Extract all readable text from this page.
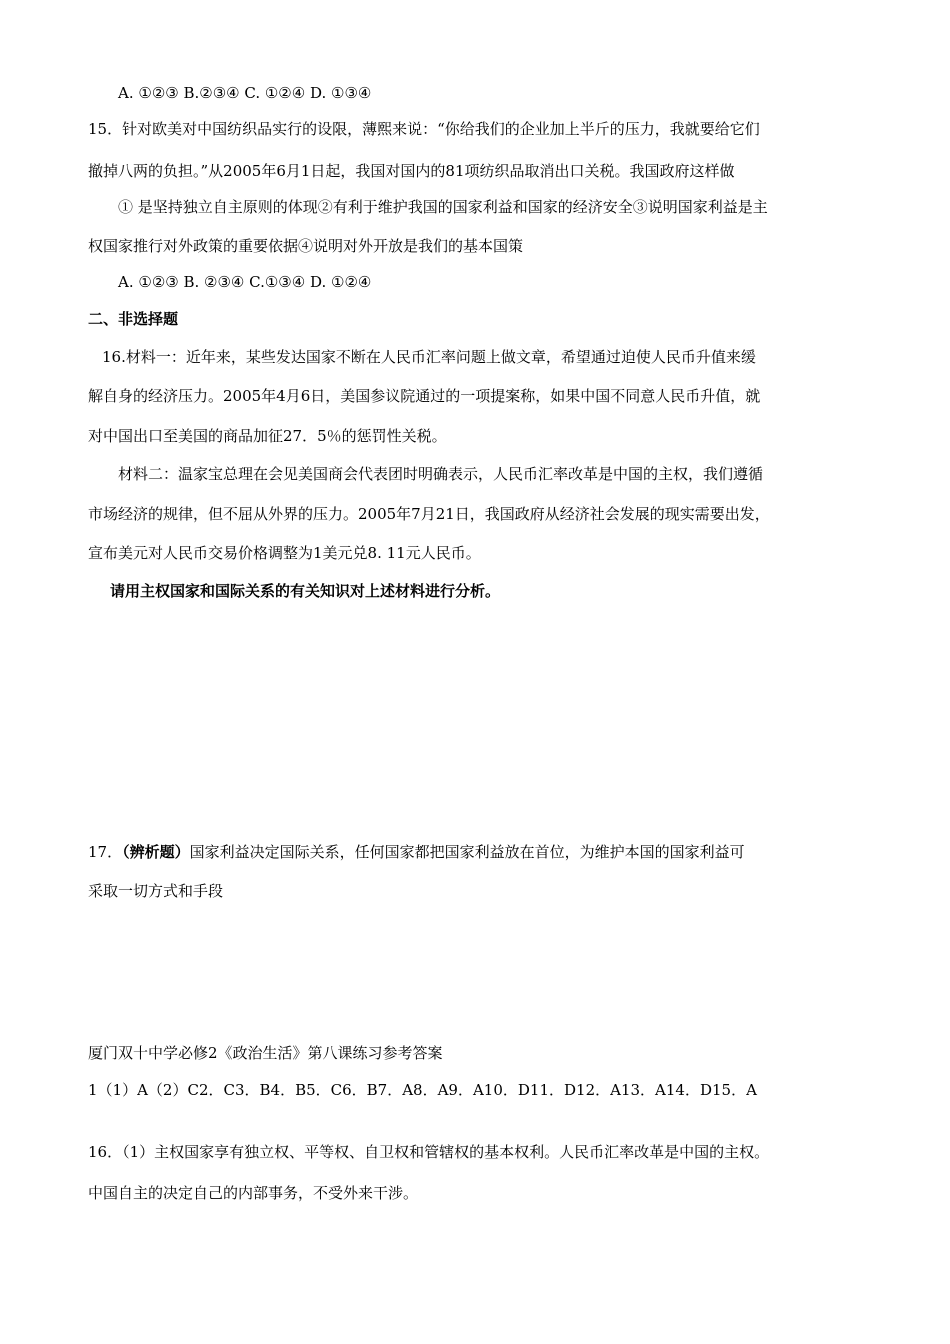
A. ①②③ B.②③④ C. ①②④ D. ①③④
15．针对欧美对中国纺织品实行的设限，薄熙来说：“你给我们的企业加上半斤的压力，我就要给它们
撤掉八两的负担。”从2005年6月1日起，我国对国内的81项纺织品取消出口关税。我国政府这样做
① 是坚持独立自主原则的体现②有利于维护我国的国家利益和国家的经济安全③说明国家利益是主
权国家推行对外政策的重要依据④说明对外开放是我们的基本国策
A. ①②③ B. ②③④ C.①③④ D. ①②④
二、非选择题
16.材料一：近年来，某些发达国家不断在人民币汇率问题上做文章，希望通过迫使人民币升值来缓
解自身的经济压力。2005年4月6日，美国参议院通过的一项提案称，如果中国不同意人民币升值，就
对中国出口至美国的商品加征27．5％的惩罚性关税。
材料二：温家宝总理在会见美国商会代表团时明确表示，人民币汇率改革是中国的主权，我们遵循
市场经济的规律，但不屈从外界的压力。2005年7月21日，我国政府从经济社会发展的现实需要出发，
宣布美元对人民币交易价格调整为1美元兑8. 11元人民币。
请用主权国家和国际关系的有关知识对上述材料进行分析。
17．（辨析题）国家利益决定国际关系，任何国家都把国家利益放在首位，为维护本国的国家利益可
采取一切方式和手段
厦门双十中学必修2《政治生活》第八课练习参考答案
1（1）A（2）C2．C3．B4．B5．C6．B7．A8．A9．A10．D11．D12．A13．A14．D15．A
16．（1）主权国家享有独立权、平等权、自卫权和管辖权的基本权利。人民币汇率改革是中国的主权。
中国自主的决定自己的内部事务，不受外来干涉。
